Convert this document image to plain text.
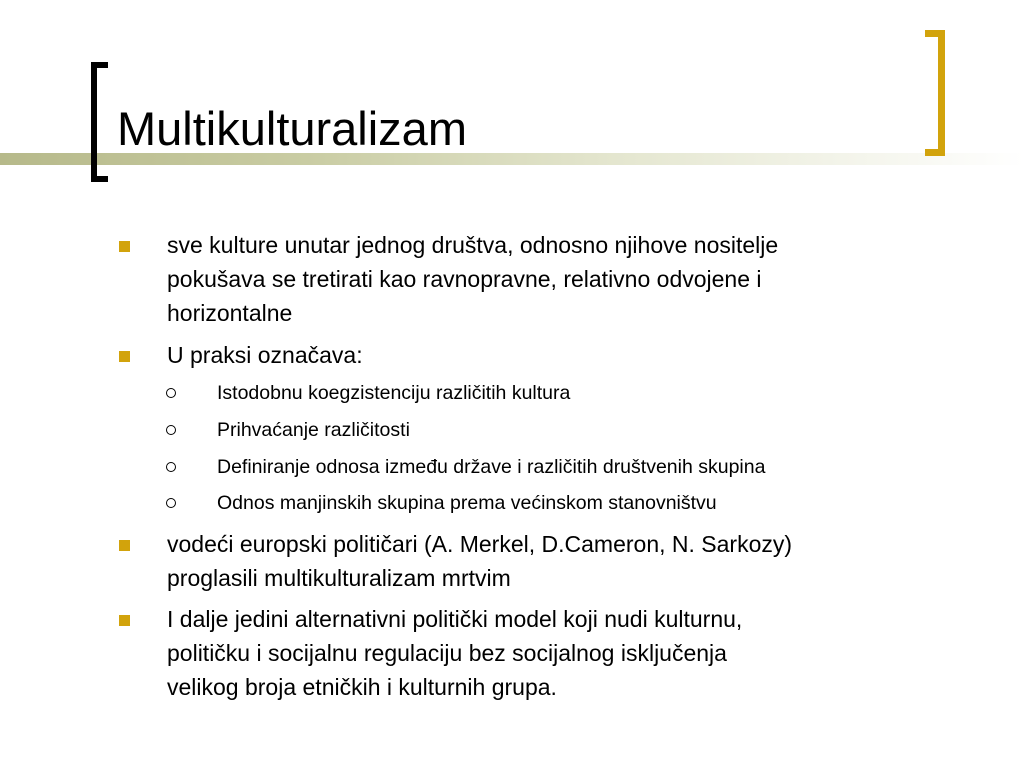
Multikulturalizam
sve kulture unutar jednog društva, odnosno njihove nositelje
pokušava se tretirati kao ravnopravne, relativno odvojene i
horizontalne
U praksi označava:
Istodobnu koegzistenciju različitih kultura
Prihvaćanje različitosti
Definiranje odnosa između države i različitih društvenih skupina
Odnos manjinskih skupina prema većinskom stanovništvu
vodeći europski političari (A. Merkel, D.Cameron, N. Sarkozy)
proglasili multikulturalizam mrtvim
I dalje jedini alternativni politički model koji nudi kulturnu,
političku i socijalnu regulaciju bez socijalnog isključenja
velikog broja etničkih i kulturnih grupa.
